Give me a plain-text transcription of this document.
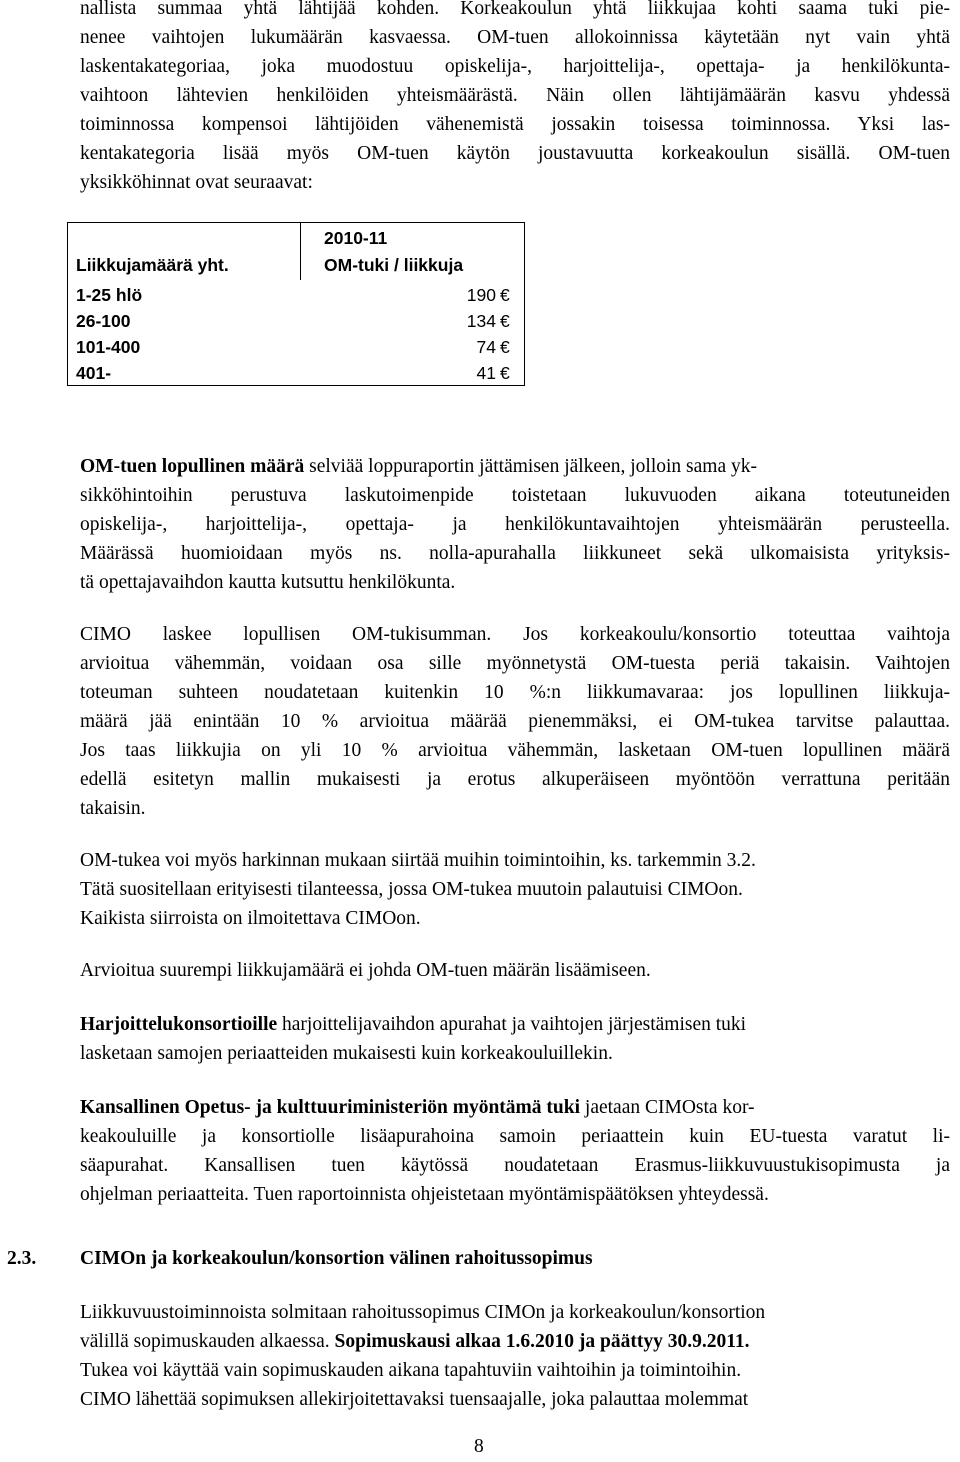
nallista summaa yhtä lähtijää kohden. Korkeakoulun yhtä liikkujaa kohti saama tuki pie-
nenee vaihtojen lukumäärän kasvaessa. OM-tuen allokoinnissa käytetään nyt vain yhtä
laskentakategoriaa, joka muodostuu opiskelija-, harjoittelija-, opettaja- ja henkilökunta-
vaihtoon lähtevien henkilöiden yhteismäärästä. Näin ollen lähtijämäärän kasvu yhdessä
toiminnossa kompensoi lähtijöiden vähenemistä jossakin toisessa toiminnossa. Yksi las-
kentakategoria lisää myös OM-tuen käytön joustavuutta korkeakoulun sisällä. OM-tuen
yksikköhinnat ovat seuraavat:
2010-11
Liikkujamäärä yht.	OM-tuki / liikkuja
1-25 hlö	190 €
26-100	134 €
101-400	74 €
401-	41 €
OM-tuen lopullinen määrä selviää loppuraportin jättämisen jälkeen, jolloin sama yk-
sikköhintoihin perustuva laskutoimenpide toistetaan lukuvuoden aikana toteutuneiden
opiskelija-, harjoittelija-, opettaja- ja henkilökuntavaihtojen yhteismäärän perusteella.
Määrässä huomioidaan myös ns. nolla-apurahalla liikkuneet sekä ulkomaisista yrityksis-
tä opettajavaihdon kautta kutsuttu henkilökunta.
CIMO laskee lopullisen OM-tukisumman. Jos korkeakoulu/konsortio toteuttaa vaihtoja
arvioitua vähemmän, voidaan osa sille myönnetystä OM-tuesta periä takaisin. Vaihtojen
toteuman suhteen noudatetaan kuitenkin 10 %:n liikkumavaraa: jos lopullinen liikkuja-
määrä jää enintään 10 % arvioitua määrää pienemmäksi, ei OM-tukea tarvitse palauttaa.
Jos taas liikkujia on yli 10 % arvioitua vähemmän, lasketaan OM-tuen lopullinen määrä
edellä esitetyn mallin mukaisesti ja erotus alkuperäiseen myöntöön verrattuna peritään
takaisin.
OM-tukea voi myös harkinnan mukaan siirtää muihin toimintoihin, ks. tarkemmin 3.2.
Tätä suositellaan erityisesti tilanteessa, jossa OM-tukea muutoin palautuisi CIMOon.
Kaikista siirroista on ilmoitettava CIMOon.
Arvioitua suurempi liikkujamäärä ei johda OM-tuen määrän lisäämiseen.
Harjoittelukonsortioille harjoittelijavaihdon apurahat ja vaihtojen järjestämisen tuki
lasketaan samojen periaatteiden mukaisesti kuin korkeakouluillekin.
Kansallinen Opetus- ja kulttuuriministeriön myöntämä tuki jaetaan CIMOsta kor-
keakouluille ja konsortiolle lisäapurahoina samoin periaattein kuin EU-tuesta varatut li-
säapurahat. Kansallisen tuen käytössä noudatetaan Erasmus-liikkuvuustukisopimusta ja
ohjelman periaatteita. Tuen raportoinnista ohjeistetaan myöntämispäätöksen yhteydessä.
2.3. CIMOn ja korkeakoulun/konsortion välinen rahoitussopimus
Liikkuvuustoiminnoista solmitaan rahoitussopimus CIMOn ja korkeakoulun/konsortion
välillä sopimuskauden alkaessa. Sopimuskausi alkaa 1.6.2010 ja päättyy 30.9.2011.
Tukea voi käyttää vain sopimuskauden aikana tapahtuviin vaihtoihin ja toimintoihin.
CIMO lähettää sopimuksen allekirjoitettavaksi tuensaajalle, joka palauttaa molemmat
8
